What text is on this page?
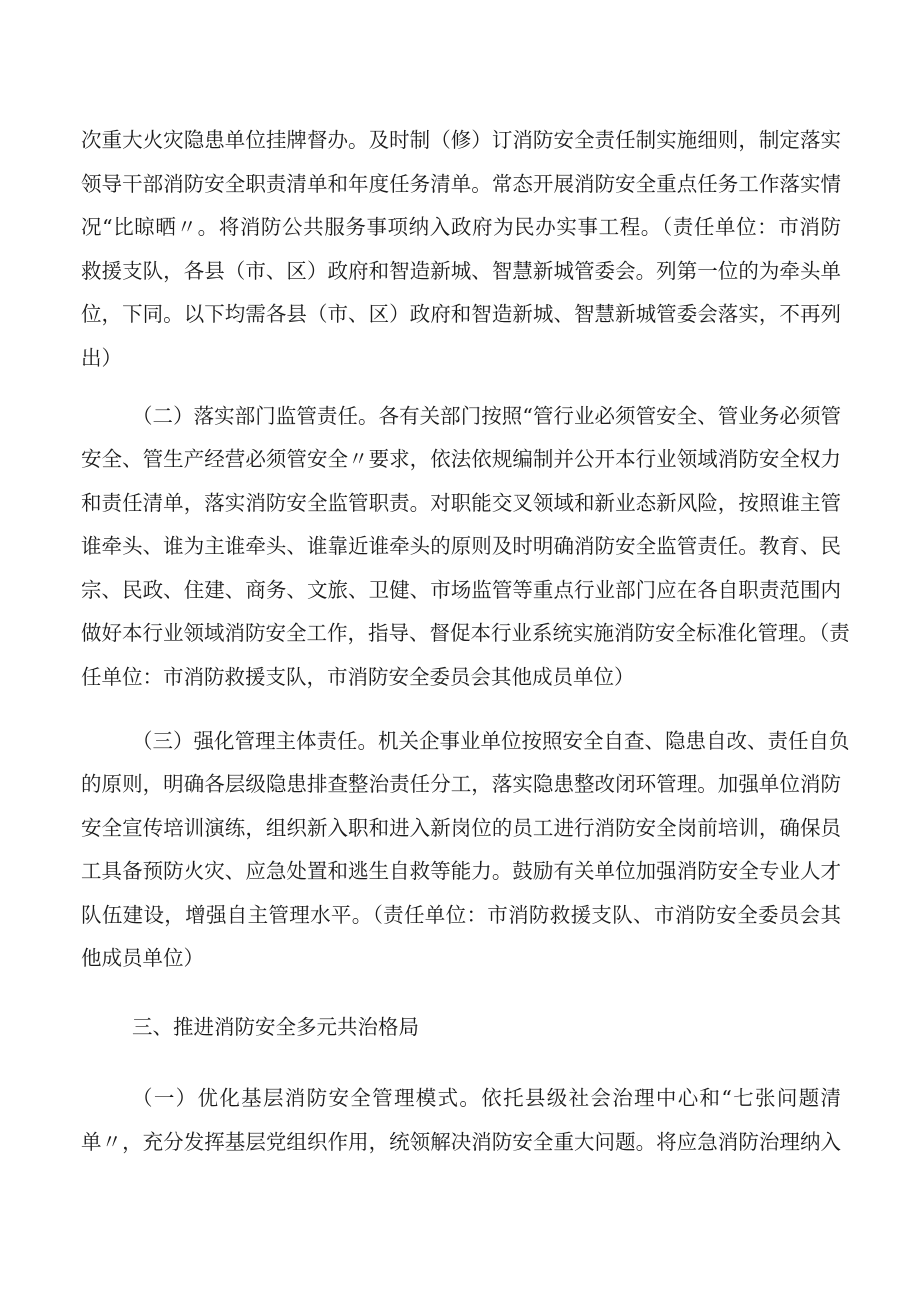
次重大火灾隐患单位挂牌督办。及时制（修）订消防安全责任制实施细则，制定落实
领导干部消防安全职责清单和年度任务清单。常态开展消防安全重点任务工作落实情
况“比晾晒〃。将消防公共服务事项纳入政府为民办实事工程。（责任单位：市消防
救援支队，各县（市、区）政府和智造新城、智慧新城管委会。列第一位的为牵头单
位，下同。以下均需各县（市、区）政府和智造新城、智慧新城管委会落实，不再列
出）
（二）落实部门监管责任。各有关部门按照“管行业必须管安全、管业务必须管
安全、管生产经营必须管安全〃要求，依法依规编制并公开本行业领域消防安全权力
和责任清单，落实消防安全监管职责。对职能交叉领域和新业态新风险，按照谁主管
谁牵头、谁为主谁牵头、谁靠近谁牵头的原则及时明确消防安全监管责任。教育、民
宗、民政、住建、商务、文旅、卫健、市场监管等重点行业部门应在各自职责范围内
做好本行业领域消防安全工作，指导、督促本行业系统实施消防安全标准化管理。（责
任单位：市消防救援支队，市消防安全委员会其他成员单位）
（三）强化管理主体责任。机关企事业单位按照安全自查、隐患自改、责任自负
的原则，明确各层级隐患排查整治责任分工，落实隐患整改闭环管理。加强单位消防
安全宣传培训演练，组织新入职和进入新岗位的员工进行消防安全岗前培训，确保员
工具备预防火灾、应急处置和逃生自救等能力。鼓励有关单位加强消防安全专业人才
队伍建设，增强自主管理水平。（责任单位：市消防救援支队、市消防安全委员会其
他成员单位）
三、推进消防安全多元共治格局
（一）优化基层消防安全管理模式。依托县级社会治理中心和“七张问题清
单〃，充分发挥基层党组织作用，统领解决消防安全重大问题。将应急消防治理纳入
